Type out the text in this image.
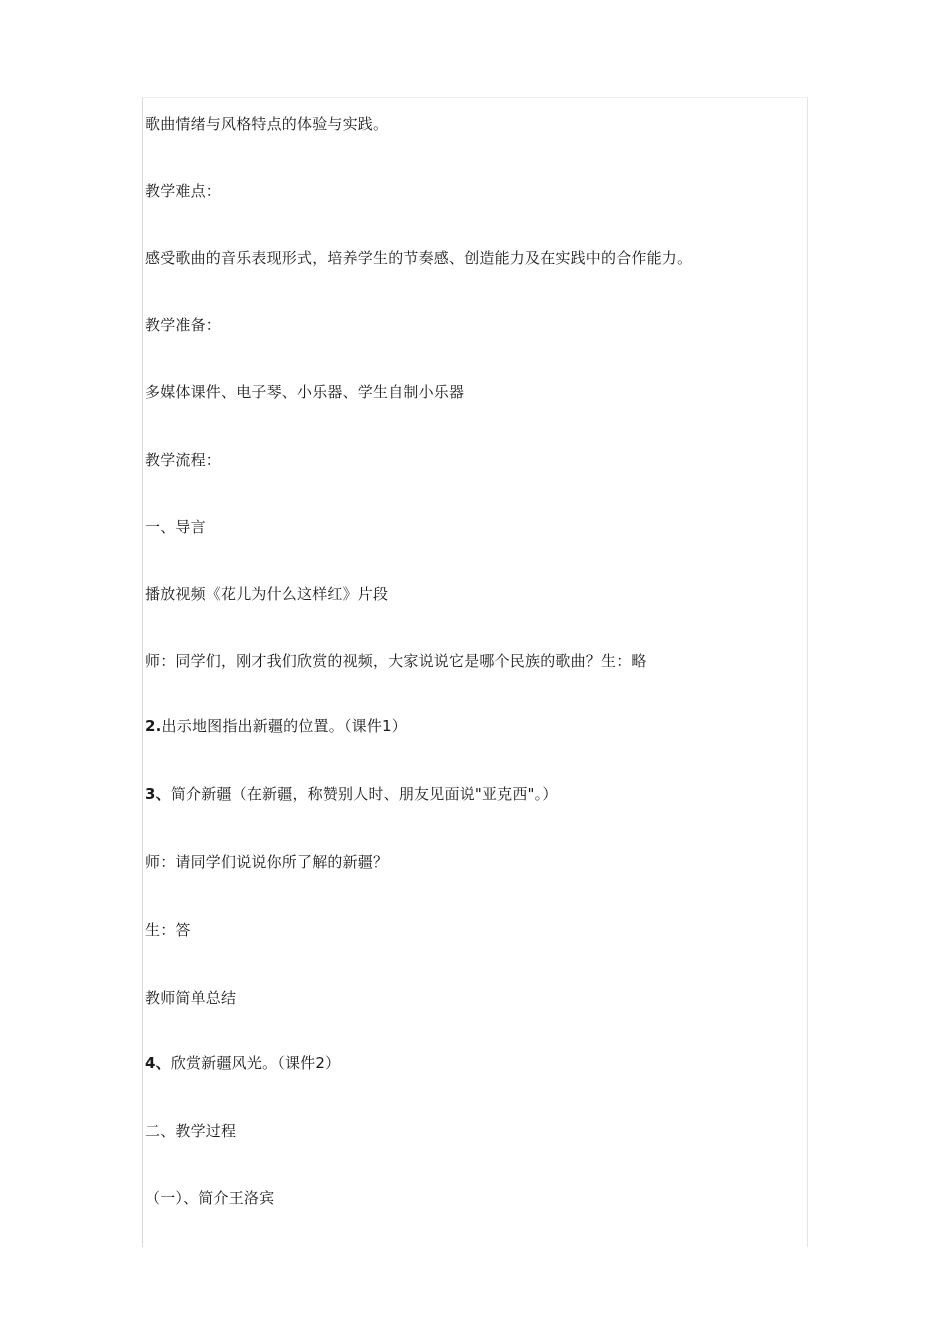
歌曲情绪与风格特点的体验与实践。
教学难点：
感受歌曲的音乐表现形式，培养学生的节奏感、创造能力及在实践中的合作能力。
教学准备：
多媒体课件、电子琴、小乐器、学生自制小乐器
教学流程：
一、导言
播放视频《花儿为什么这样红》片段
师：同学们，刚才我们欣赏的视频，大家说说它是哪个民族的歌曲？生：略
2.出示地图指出新疆的位置。（课件1）
3、简介新疆（在新疆，称赞别人时、朋友见面说"亚克西"。）
师：请同学们说说你所了解的新疆？
生：答
教师简单总结
4、欣赏新疆风光。（课件2）
二、教学过程
（一）、简介王洛宾
